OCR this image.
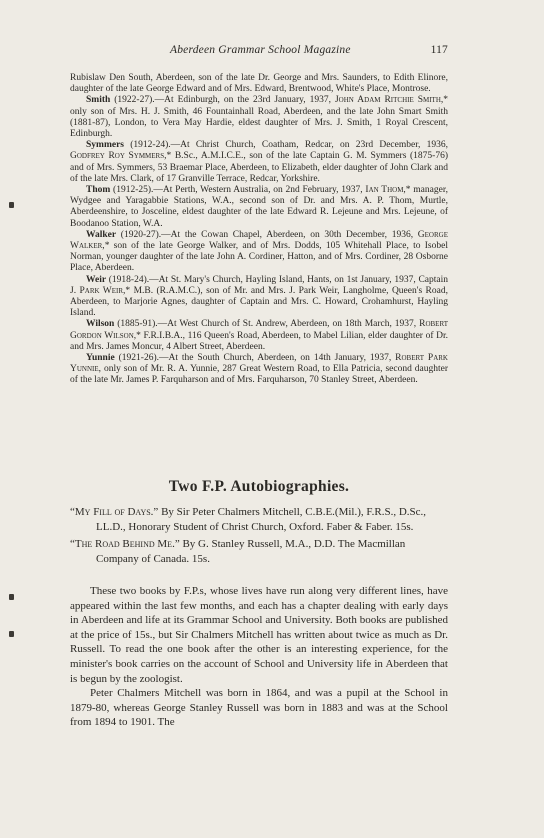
Aberdeen Grammar School Magazine	117

Rubislaw Den South, Aberdeen, son of the late Dr. George and Mrs. Saunders, to Edith Elinore, daughter of the late George Edward and of Mrs. Edward, Brentwood, White's Place, Montrose.

Smith (1922-27).—At Edinburgh, on the 23rd January, 1937, John Adam Ritchie Smith,* only son of Mrs. H. J. Smith, 46 Fountainhall Road, Aberdeen, and the late John Smart Smith (1881-87), London, to Vera May Hardie, eldest daughter of Mrs. J. Smith, 1 Royal Crescent, Edinburgh.

Symmers (1912-24).—At Christ Church, Coatham, Redcar, on 23rd December, 1936, Godfrey Roy Symmers,* B.Sc., A.M.I.C.E., son of the late Captain G. M. Symmers (1875-76) and of Mrs. Symmers, 53 Braemar Place, Aberdeen, to Elizabeth, elder daughter of John Clark and of the late Mrs. Clark, of 17 Granville Terrace, Redcar, Yorkshire.

Thom (1912-25).—At Perth, Western Australia, on 2nd February, 1937, Ian Thom,* manager, Wydgee and Yaragabbie Stations, W.A., second son of Dr. and Mrs. A. P. Thom, Murtle, Aberdeenshire, to Josceline, eldest daughter of the late Edward R. Lejeune and Mrs. Lejeune, of Boodanoo Station, W.A.

Walker (1920-27).—At the Cowan Chapel, Aberdeen, on 30th December, 1936, George Walker,* son of the late George Walker, and of Mrs. Dodds, 105 Whitehall Place, to Isobel Norman, younger daughter of the late John A. Cordiner, Hatton, and of Mrs. Cordiner, 28 Osborne Place, Aberdeen.

Weir (1918-24).—At St. Mary's Church, Hayling Island, Hants, on 1st January, 1937, Captain J. Park Weir,* M.B. (R.A.M.C.), son of Mr. and Mrs. J. Park Weir, Langholme, Queen's Road, Aberdeen, to Marjorie Agnes, daughter of Captain and Mrs. C. Howard, Crohamhurst, Hayling Island.

Wilson (1885-91).—At West Church of St. Andrew, Aberdeen, on 18th March, 1937, Robert Gordon Wilson,* F.R.I.B.A., 116 Queen's Road, Aberdeen, to Mabel Lilian, elder daughter of Dr. and Mrs. James Moncur, 4 Albert Street, Aberdeen.

Yunnie (1921-26).—At the South Church, Aberdeen, on 14th January, 1937, Robert Park Yunnie, only son of Mr. R. A. Yunnie, 287 Great Western Road, to Ella Patricia, second daughter of the late Mr. James P. Farquharson and of Mrs. Farquharson, 70 Stanley Street, Aberdeen.

Two F.P. Autobiographies.

“My Fill of Days.” By Sir Peter Chalmers Mitchell, C.B.E.(Mil.), F.R.S., D.Sc., LL.D., Honorary Student of Christ Church, Oxford. Faber & Faber. 15s.

“The Road Behind Me.” By G. Stanley Russell, M.A., D.D. The Macmillan Company of Canada. 15s.

These two books by F.P.s, whose lives have run along very different lines, have appeared within the last few months, and each has a chapter dealing with early days in Aberdeen and life at its Grammar School and University. Both books are published at the price of 15s., but Sir Chalmers Mitchell has written about twice as much as Dr. Russell. To read the one book after the other is an interesting experience, for the minister's book carries on the account of School and University life in Aberdeen that is begun by the zoologist.

Peter Chalmers Mitchell was born in 1864, and was a pupil at the School in 1879-80, whereas George Stanley Russell was born in 1883 and was at the School from 1894 to 1901. The
